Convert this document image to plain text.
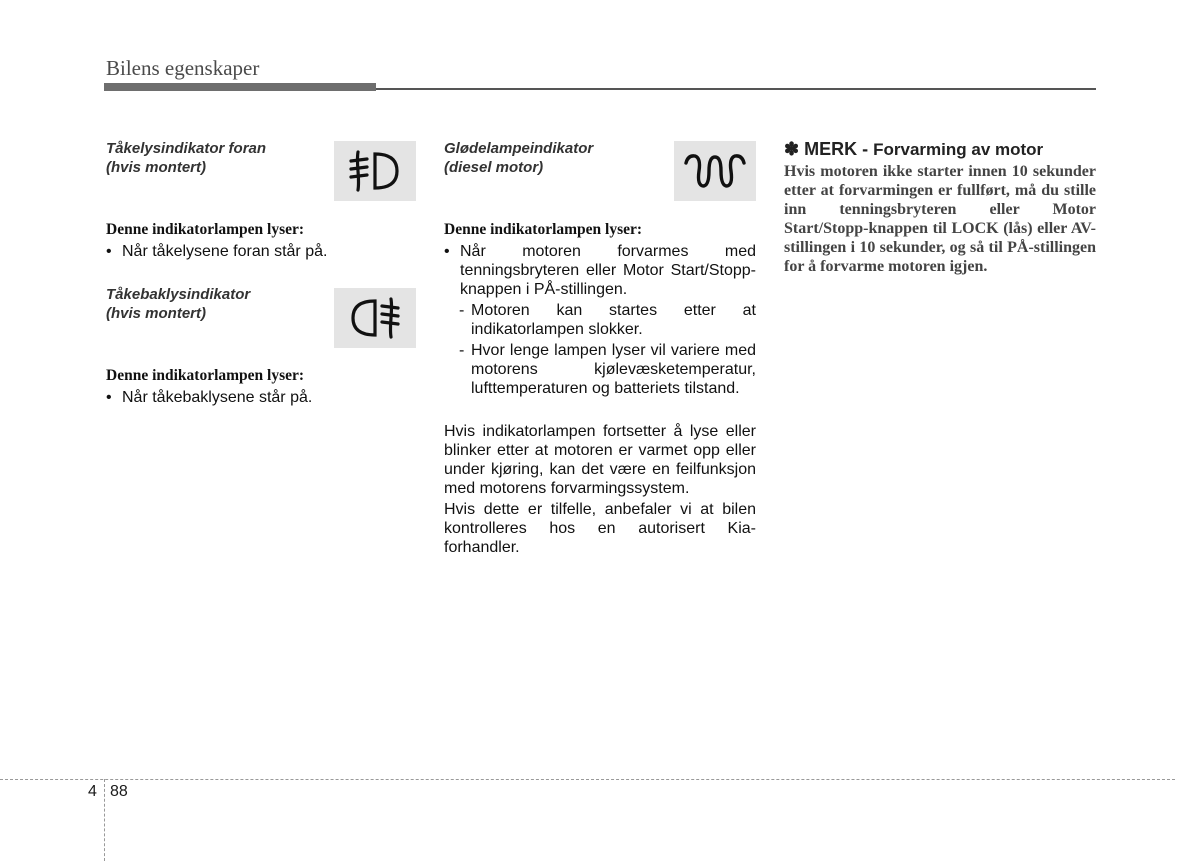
Bilens egenskaper
Tåkelysindikator foran
(hvis montert)
Denne indikatorlampen lyser:
• Når tåkelysene foran står på.
Tåkebaklysindikator
(hvis montert)
Denne indikatorlampen lyser:
• Når tåkebaklysene står på.
Glødelampeindikator
(diesel motor)
Denne indikatorlampen lyser:
• Når motoren forvarmes med tenningsbryteren eller Motor Start/Stopp-knappen i PÅ-stillingen.
- Motoren kan startes etter at indikatorlampen slokker.
- Hvor lenge lampen lyser vil variere med motorens kjølevæsketemperatur, lufttemperaturen og batteriets tilstand.
Hvis indikatorlampen fortsetter å lyse eller blinker etter at motoren er varmet opp eller under kjøring, kan det være en feilfunksjon med motorens forvarmingssystem.
Hvis dette er tilfelle, anbefaler vi at bilen kontrolleres hos en autorisert Kia-forhandler.
✽ MERK - Forvarming av motor
Hvis motoren ikke starter innen 10 sekunder etter at forvarmingen er fullført, må du stille inn tenningsbryteren eller Motor Start/Stopp-knappen til LOCK (lås) eller AV-stillingen i 10 sekunder, og så til PÅ-stillingen for å forvarme motoren igjen.
4 88
